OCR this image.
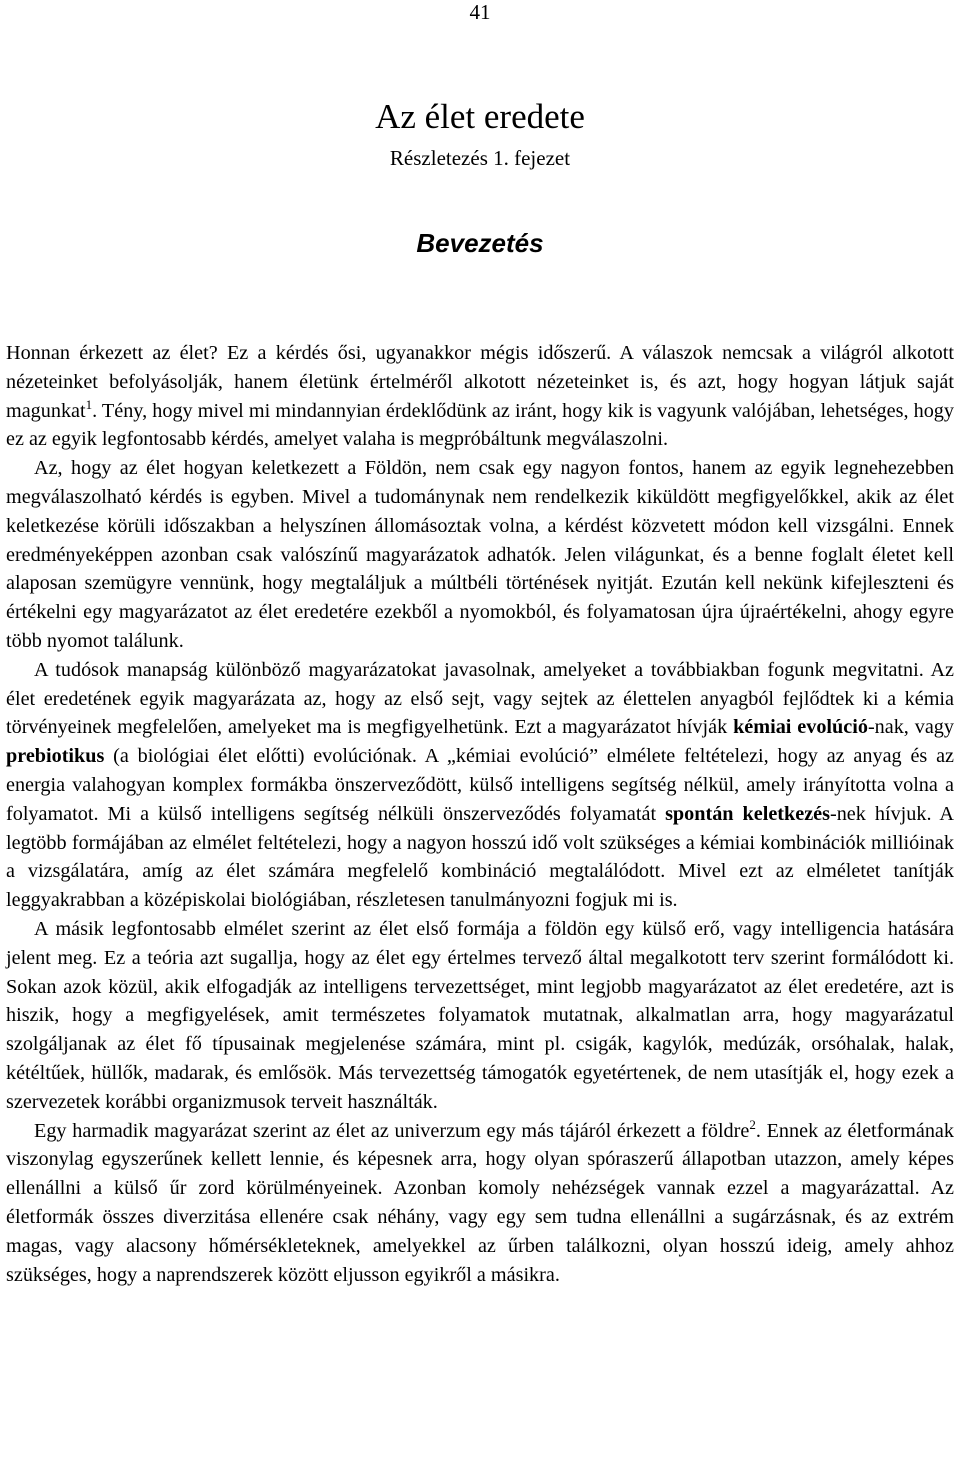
41
Az élet eredete
Részletezés 1. fejezet
Bevezetés

Honnan érkezett az élet? Ez a kérdés ősi, ugyanakkor mégis időszerű. A válaszok nemcsak a világról alkotott nézeteinket befolyásolják, hanem életünk értelméről alkotott nézeteinket is, és azt, hogy hogyan látjuk saját magunkat$^1$. Tény, hogy mivel mi mindannyian érdeklődünk az iránt, hogy kik is vagyunk valójában, lehetséges, hogy ez az egyik legfontosabb kérdés, amelyet valaha is megpróbáltunk megválaszolni.

Az, hogy az élet hogyan keletkezett a Földön, nem csak egy nagyon fontos, hanem az egyik legnehezebben megválaszolható kérdés is egyben. Mivel a tudománynak nem rendelkezik kiküldött megfigyelőkkel, akik az élet keletkezése körüli időszakban a helyszínen állomásoztak volna, a kérdést közvetett módon kell vizsgálni. Ennek eredményeképpen azonban csak valószínű magyarázatok adhatók. Jelen világunkat, és a benne foglalt életet kell alaposan szemügyre vennünk, hogy megtaláljuk a múltbéli történések nyitját. Ezután kell nekünk kifejleszteni és értékelni egy magyarázatot az élet eredetére ezekből a nyomokból, és folyamatosan újra újraértékelni, ahogy egyre több nyomot találunk.

A tudósok manapság különböző magyarázatokat javasolnak, amelyeket a továbbiakban fogunk megvitatni. Az élet eredetének egyik magyarázata az, hogy az első sejt, vagy sejtek az élettelen anyagból fejlődtek ki a kémia törvényeinek megfelelően, amelyeket ma is megfigyelhetünk. Ezt a magyarázatot hívják kémiai evolúció-nak, vagy prebiotikus (a biológiai élet előtti) evolúciónak. A „kémiai evolúció” elmélete feltételezi, hogy az anyag és az energia valahogyan komplex formákba önszerveződött, külső intelligens segítség nélkül, amely irányította volna a folyamatot. Mi a külső intelligens segítség nélküli önszerveződés folyamatát spontán keletkezés-nek hívjuk. A legtöbb formájában az elmélet feltételezi, hogy a nagyon hosszú idő volt szükséges a kémiai kombinációk millióinak a vizsgálatára, amíg az élet számára megfelelő kombináció megtalálódott. Mivel ezt az elméletet tanítják leggyakrabban a középiskolai biológiában, részletesen tanulmányozni fogjuk mi is.

A másik legfontosabb elmélet szerint az élet első formája a földön egy külső erő, vagy intelligencia hatására jelent meg. Ez a teória azt sugallja, hogy az élet egy értelmes tervező által megalkotott terv szerint formálódott ki. Sokan azok közül, akik elfogadják az intelligens tervezettséget, mint legjobb magyarázatot az élet eredetére, azt is hiszik, hogy a megfigyelések, amit természetes folyamatok mutatnak, alkalmatlan arra, hogy magyarázatul szolgáljanak az élet fő típusainak megjelenése számára, mint pl. csigák, kagylók, medúzák, orsóhalak, halak, kétéltűek, hüllők, madarak, és emlősök. Más tervezettség támogatók egyetértenek, de nem utasítják el, hogy ezek a szervezetek korábbi organizmusok terveit használták.

Egy harmadik magyarázat szerint az élet az univerzum egy más tájáról érkezett a földre$^2$. Ennek az életformának viszonylag egyszerűnek kellett lennie, és képesnek arra, hogy olyan spóraszerű állapotban utazzon, amely képes ellenállni a külső űr zord körülményeinek. Azonban komoly nehézségek vannak ezzel a magyarázattal. Az életformák összes diverzitása ellenére csak néhány, vagy egy sem tudna ellenállni a sugárzásnak, és az extrém magas, vagy alacsony hőmérsékleteknek, amelyekkel az űrben találkozni, olyan hosszú ideig, amely ahhoz szükséges, hogy a naprendszerek között eljusson egyikről a másikra.
